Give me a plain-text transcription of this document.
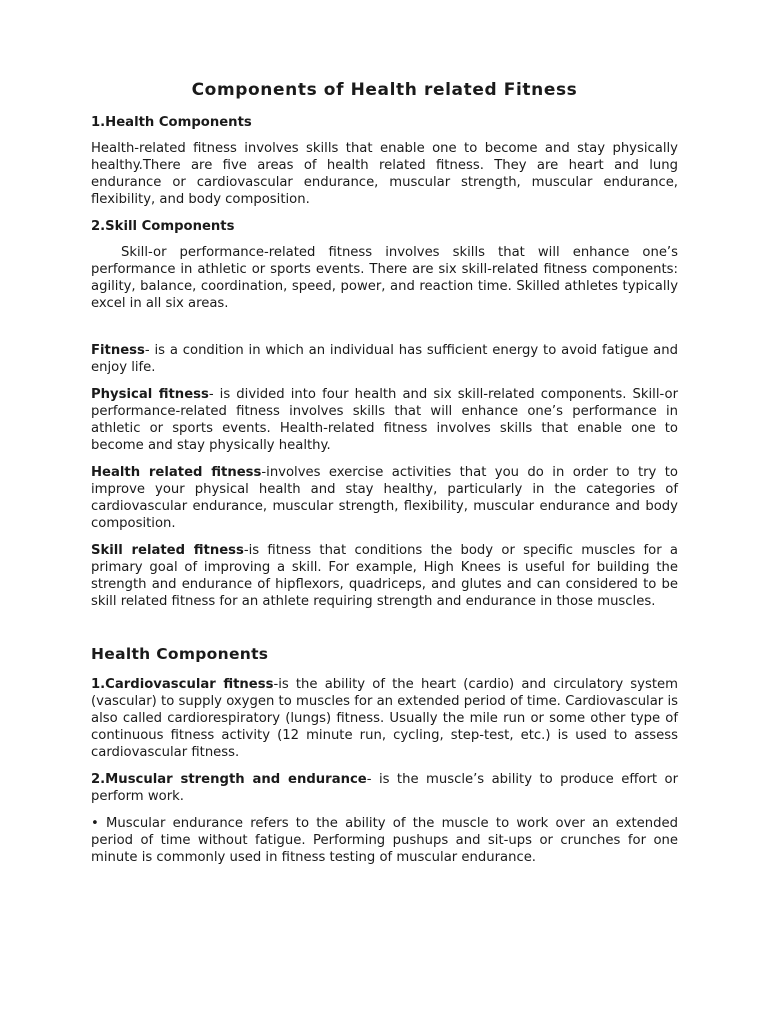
Components of Health related Fitness
1.Health Components

Health-related fitness involves skills that enable one to become and stay physically healthy.There are five areas of health related fitness. They are heart and lung endurance or cardiovascular endurance, muscular strength, muscular endurance, flexibility, and body composition.

2.Skill Components

Skill-or performance-related fitness involves skills that will enhance one’s performance in athletic or sports events. There are six skill-related fitness components: agility, balance, coordination, speed, power, and reaction time. Skilled athletes typically excel in all six areas.

Fitness- is a condition in which an individual has sufficient energy to avoid fatigue and enjoy life.

Physical fitness- is divided into four health and six skill-related components. Skill-or performance-related fitness involves skills that will enhance one’s performance in athletic or sports events. Health-related fitness involves skills that enable one to become and stay physically healthy.

Health related fitness-involves exercise activities that you do in order to try to improve your physical health and stay healthy, particularly in the categories of cardiovascular endurance, muscular strength, flexibility, muscular endurance and body composition.

Skill related fitness-is fitness that conditions the body or specific muscles for a primary goal of improving a skill. For example, High Knees is useful for building the strength and endurance of hipflexors, quadriceps, and glutes and can considered to be skill related fitness for an athlete requiring strength and endurance in those muscles.

Health Components

1.Cardiovascular fitness-is the ability of the heart (cardio) and circulatory system (vascular) to supply oxygen to muscles for an extended period of time. Cardiovascular is also called cardiorespiratory (lungs) fitness. Usually the mile run or some other type of continuous fitness activity (12 minute run, cycling, step-test, etc.) is used to assess cardiovascular fitness.

2.Muscular strength and endurance- is the muscle’s ability to produce effort or perform work.

• Muscular endurance refers to the ability of the muscle to work over an extended period of time without fatigue. Performing pushups and sit-ups or crunches for one minute is commonly used in fitness testing of muscular endurance.
